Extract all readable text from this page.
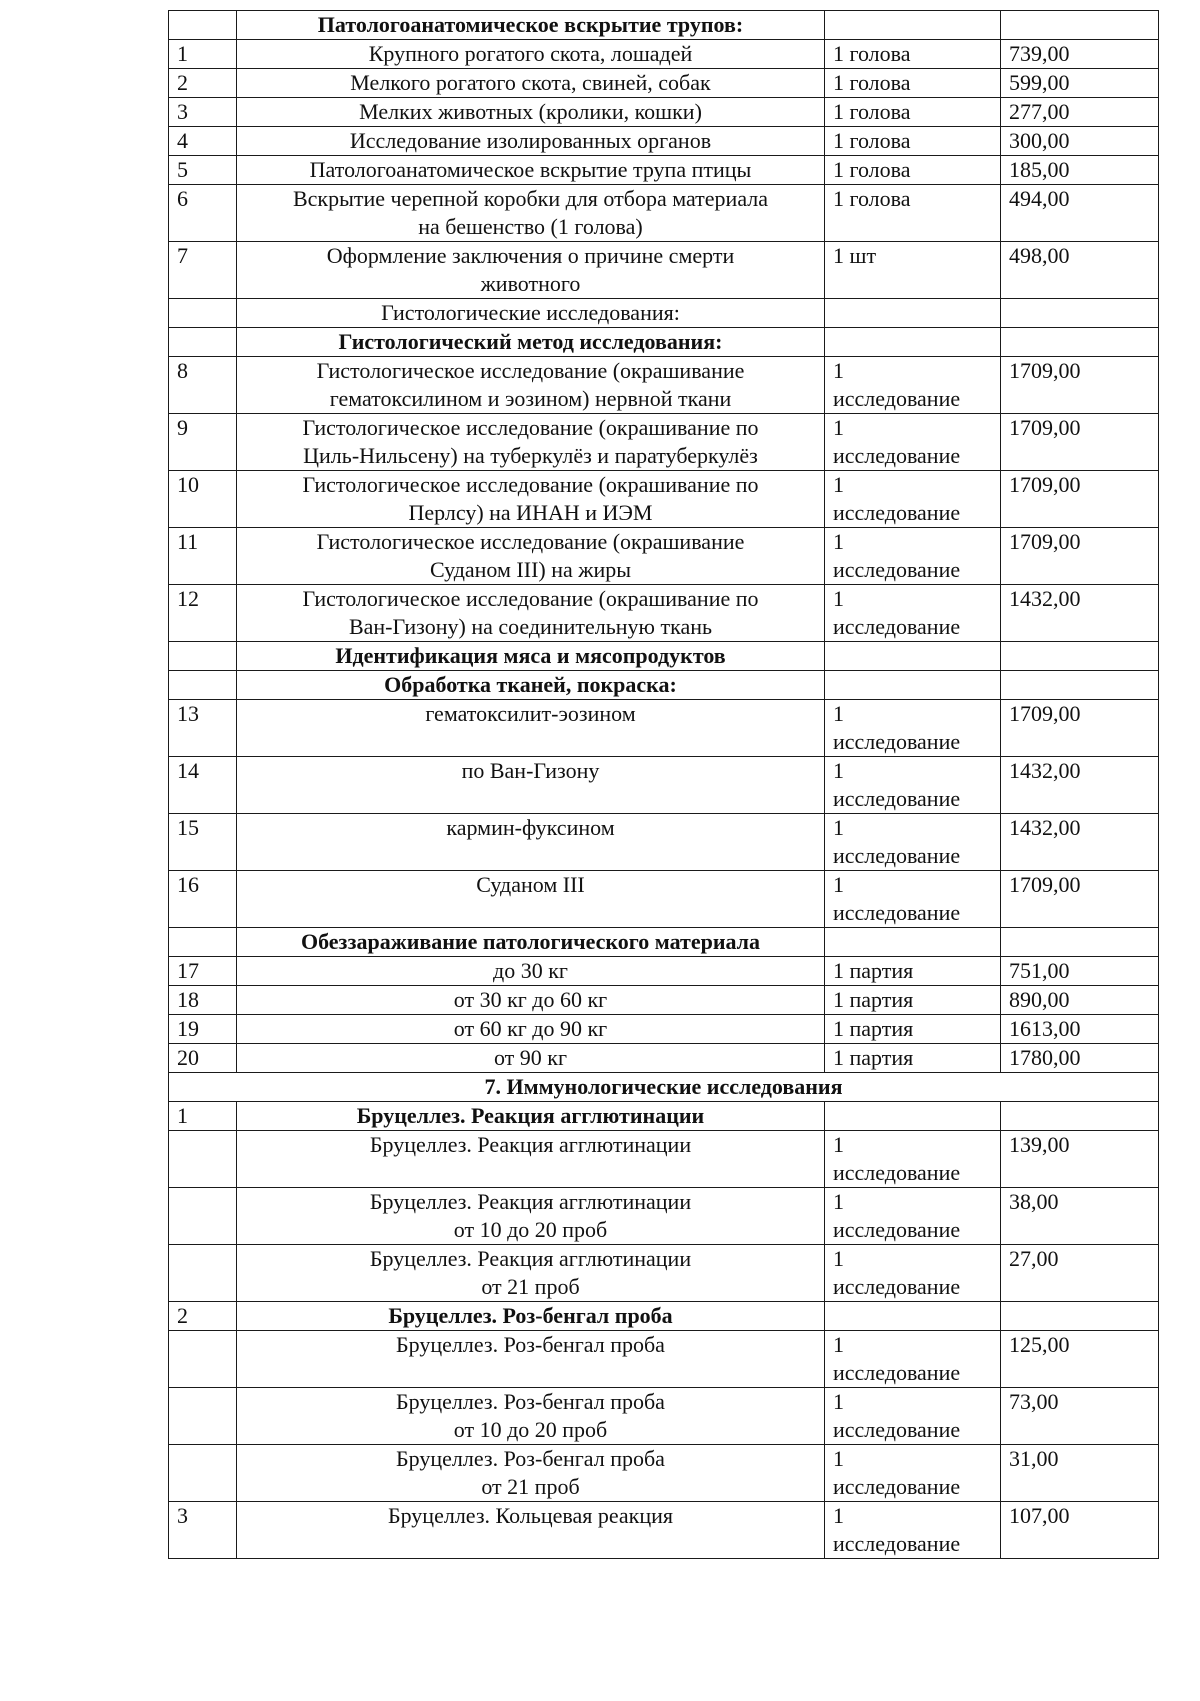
	Патологоанатомическое вскрытие трупов:		

1	Крупного рогатого скота, лошадей	1 голова	739,00
2	Мелкого рогатого скота, свиней, собак	1 голова	599,00
3	Мелких животных (кролики, кошки)	1 голова	277,00
4	Исследование изолированных органов	1 голова	300,00
5	Патологоанатомическое вскрытие трупа птицы	1 голова	185,00
6	Вскрытие черепной коробки для отбора материала
на бешенство (1 голова)	1 голова	494,00
7	Оформление заключения о причине смерти
животного	1 шт	498,00

	Гистологические исследования:		

	Гистологический метод исследования:		

8	Гистологическое исследование (окрашивание
гематоксилином и эозином) нервной ткани	1
исследование	1709,00
9	Гистологическое исследование (окрашивание по
Циль-Нильсену) на туберкулёз и паратуберкулёз	1
исследование	1709,00
10	Гистологическое исследование (окрашивание по
Перлсу) на ИНАН и ИЭМ	1
исследование	1709,00
11	Гистологическое исследование (окрашивание
Суданом III) на жиры	1
исследование	1709,00
12	Гистологическое исследование (окрашивание по
Ван-Гизону) на соединительную ткань	1
исследование	1432,00

	Идентификация мяса и мясопродуктов		

	Обработка тканей, покраска:		

13	гематоксилит-эозином	1
исследование	1709,00
14	по Ван-Гизону	1
исследование	1432,00
15	кармин-фуксином	1
исследование	1432,00
16	Суданом III	1
исследование	1709,00

	Обеззараживание патологического материала		

17	до 30 кг	1 партия	751,00
18	от 30 кг до 60 кг	1 партия	890,00
19	от 60 кг до 90 кг	1 партия	1613,00
20	от 90 кг	1 партия	1780,00

7. Иммунологические исследования			

1	Бруцеллез. Реакция агглютинации		

	Бруцеллез. Реакция агглютинации	1
исследование	139,00

	Бруцеллез. Реакция агглютинации
от 10 до 20 проб	1
исследование	38,00

	Бруцеллез. Реакция агглютинации
от 21 проб	1
исследование	27,00
2	Бруцеллез. Роз-бенгал проба		

	Бруцеллез. Роз-бенгал проба	1
исследование	125,00

	Бруцеллез. Роз-бенгал проба
от 10 до 20 проб	1
исследование	73,00

	Бруцеллез. Роз-бенгал проба
от 21 проб	1
исследование	31,00
3	Бруцеллез. Кольцевая реакция	1
исследование	107,00
